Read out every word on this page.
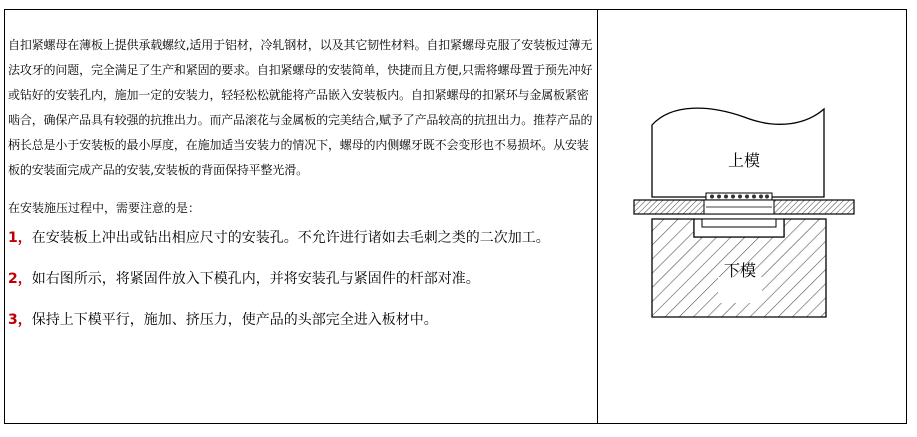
自扣紧螺母在薄板上提供承载螺纹,适用于铝材，冷轧钢材，以及其它韧性材料。自扣紧螺母克服了安装板过薄无法攻牙的问题，完全满足了生产和紧固的要求。自扣紧螺母的安装简单，快捷而且方便,只需将螺母置于预先冲好或钻好的安装孔内，施加一定的安装力，轻轻松松就能将产品嵌入安装板内。自扣紧螺母的扣紧环与金属板紧密啮合，确保产品具有较强的抗推出力。而产品滚花与金属板的完美结合,赋予了产品较高的抗扭出力。推荐产品的柄长总是小于安装板的最小厚度，在施加适当安装力的情况下，螺母的内侧螺牙既不会变形也不易损坏。从安装板的安装面完成产品的安装,安装板的背面保持平整光滑。

在安装施压过程中，需要注意的是：

1，在安装板上冲出或钻出相应尺寸的安装孔。不允许进行诸如去毛刺之类的二次加工。

2，如右图所示，将紧固件放入下模孔内，并将安装孔与紧固件的杆部对准。

3，保持上下模平行，施加、挤压力，使产品的头部完全进入板材中。

上模
下模
